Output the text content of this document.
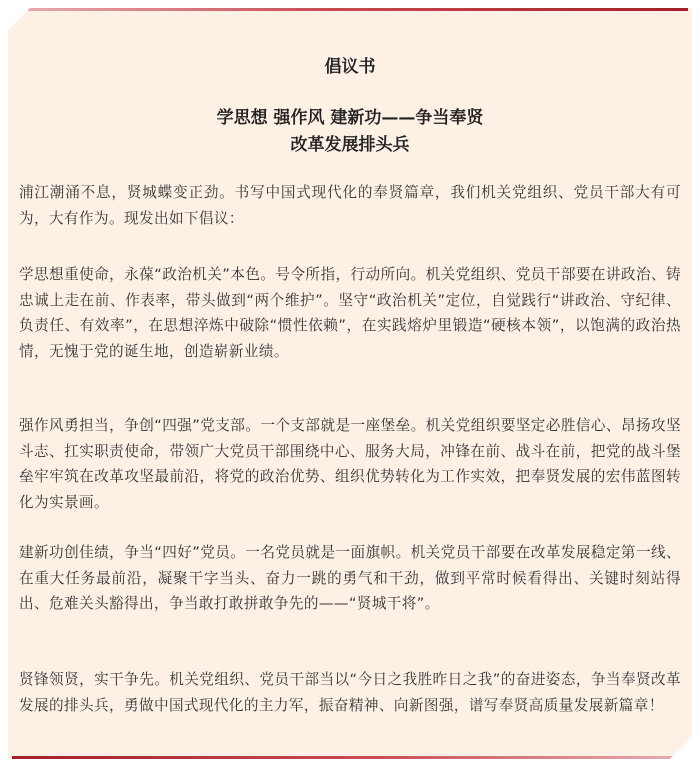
倡议书
学思想 强作风 建新功——争当奉贤
改革发展排头兵

浦江潮涌不息，贤城蝶变正劲。书写中国式现代化的奉贤篇章，我们机关党组织、党员干部大有可为，大有作为。现发出如下倡议：

学思想重使命，永葆“政治机关”本色。号令所指，行动所向。机关党组织、党员干部要在讲政治、铸忠诚上走在前、作表率，带头做到“两个维护”。坚守“政治机关”定位，自觉践行“讲政治、守纪律、负责任、有效率”，在思想淬炼中破除“惯性依赖”，在实践熔炉里锻造“硬核本领”，以饱满的政治热情，无愧于党的诞生地，创造崭新业绩。

强作风勇担当，争创“四强”党支部。一个支部就是一座堡垒。机关党组织要坚定必胜信心、昂扬攻坚斗志、扛实职责使命，带领广大党员干部围绕中心、服务大局，冲锋在前、战斗在前，把党的战斗堡垒牢牢筑在改革攻坚最前沿，将党的政治优势、组织优势转化为工作实效，把奉贤发展的宏伟蓝图转化为实景画。

建新功创佳绩，争当“四好”党员。一名党员就是一面旗帜。机关党员干部要在改革发展稳定第一线、在重大任务最前沿，凝聚干字当头、奋力一跳的勇气和干劲，做到平常时候看得出、关键时刻站得出、危难关头豁得出，争当敢打敢拼敢争先的——“贤城干将”。

贤锋领贤，实干争先。机关党组织、党员干部当以“今日之我胜昨日之我”的奋进姿态，争当奉贤改革发展的排头兵，勇做中国式现代化的主力军，振奋精神、向新图强，谱写奉贤高质量发展新篇章！
